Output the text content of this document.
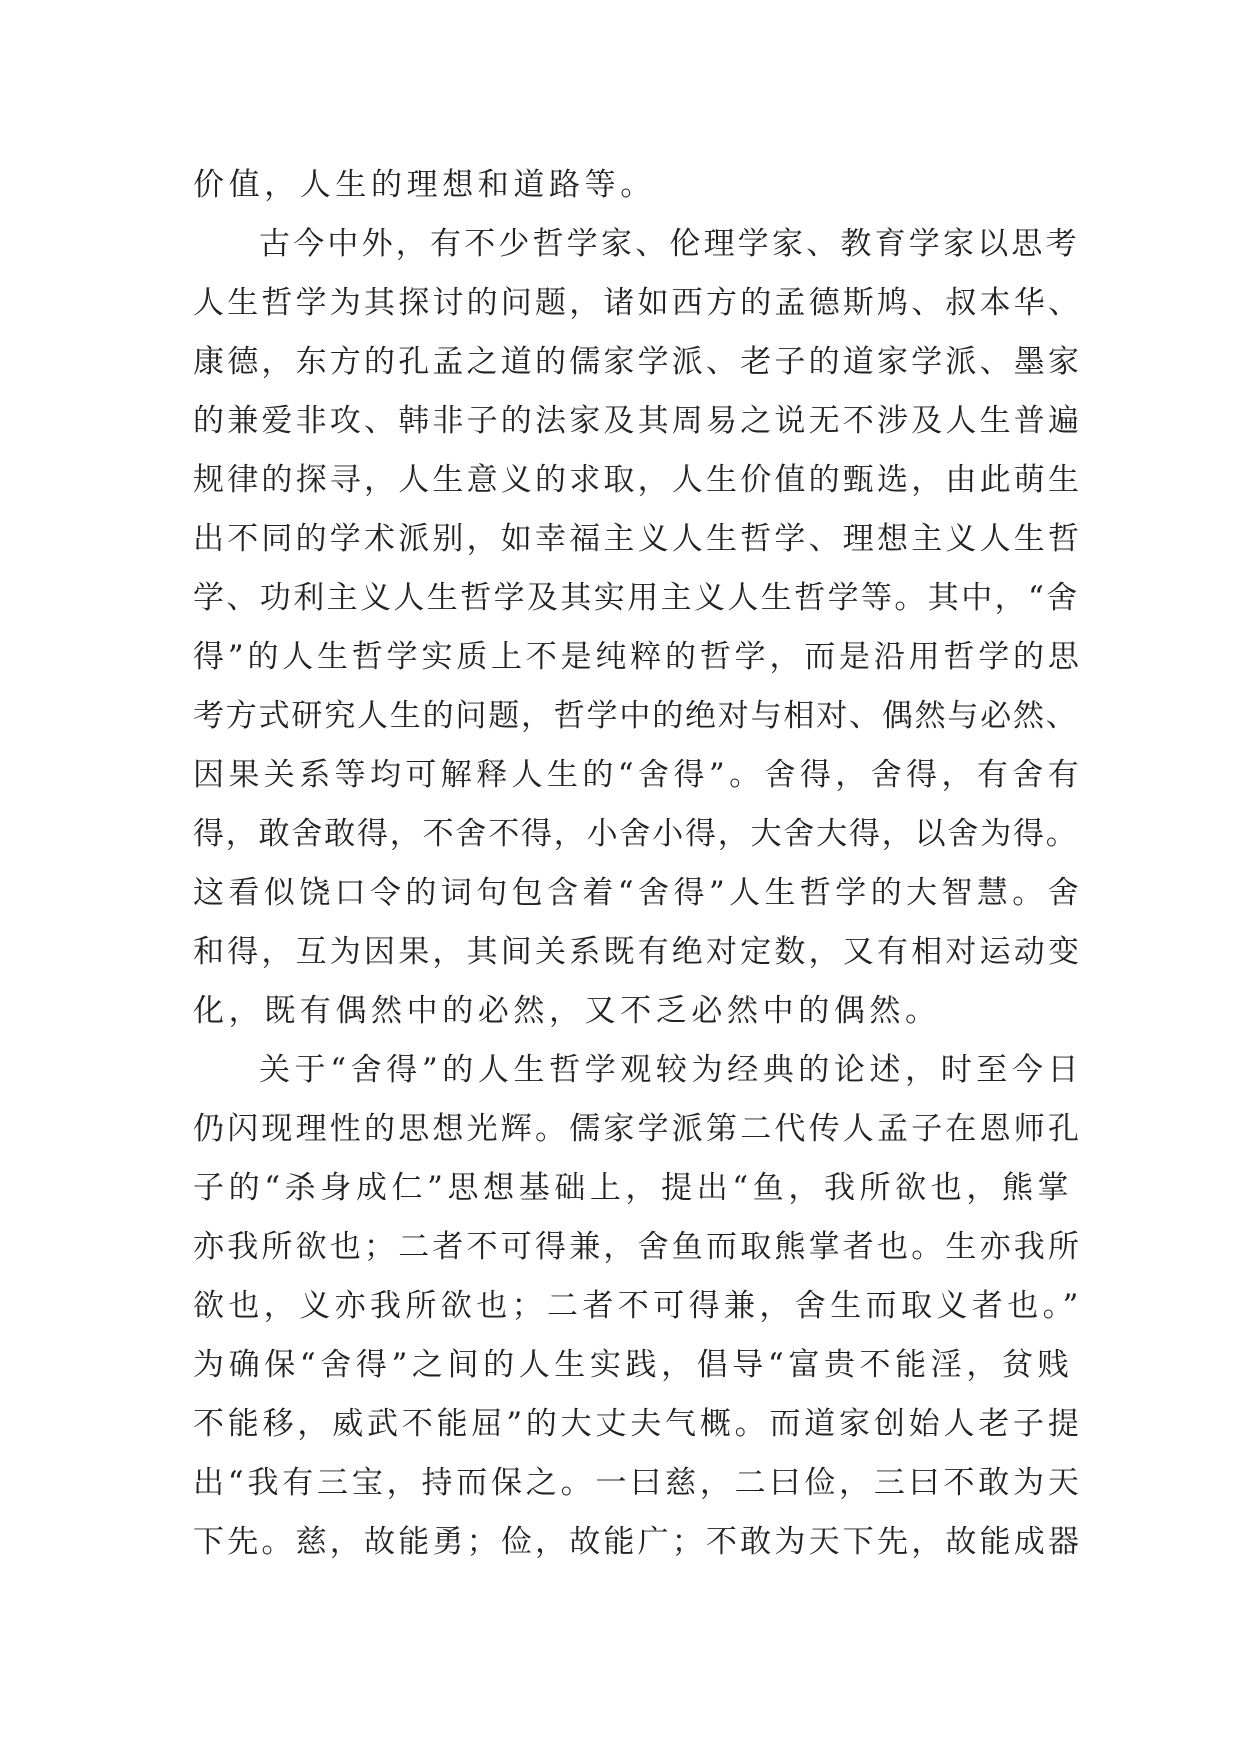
价值，人生的理想和道路等。
古今中外，有不少哲学家、伦理学家、教育学家以思考
人生哲学为其探讨的问题，诸如西方的孟德斯鸠、叔本华、
康德，东方的孔孟之道的儒家学派、老子的道家学派、墨家
的兼爱非攻、韩非子的法家及其周易之说无不涉及人生普遍
规律的探寻，人生意义的求取，人生价值的甄选，由此萌生
出不同的学术派别，如幸福主义人生哲学、理想主义人生哲
学、功利主义人生哲学及其实用主义人生哲学等。其中，“舍
得”的人生哲学实质上不是纯粹的哲学，而是沿用哲学的思
考方式研究人生的问题，哲学中的绝对与相对、偶然与必然、
因果关系等均可解释人生的“舍得”。舍得，舍得，有舍有
得，敢舍敢得，不舍不得，小舍小得，大舍大得，以舍为得。
这看似饶口令的词句包含着“舍得”人生哲学的大智慧。舍
和得，互为因果，其间关系既有绝对定数，又有相对运动变
化，既有偶然中的必然，又不乏必然中的偶然。
关于“舍得”的人生哲学观较为经典的论述，时至今日
仍闪现理性的思想光辉。儒家学派第二代传人孟子在恩师孔
子的“杀身成仁”思想基础上，提出“鱼，我所欲也，熊掌
亦我所欲也；二者不可得兼，舍鱼而取熊掌者也。生亦我所
欲也，义亦我所欲也；二者不可得兼，舍生而取义者也。”
为确保“舍得”之间的人生实践，倡导“富贵不能淫，贫贱
不能移，威武不能屈”的大丈夫气概。而道家创始人老子提
出“我有三宝，持而保之。一曰慈，二曰俭，三曰不敢为天
下先。慈，故能勇；俭，故能广；不敢为天下先，故能成器
